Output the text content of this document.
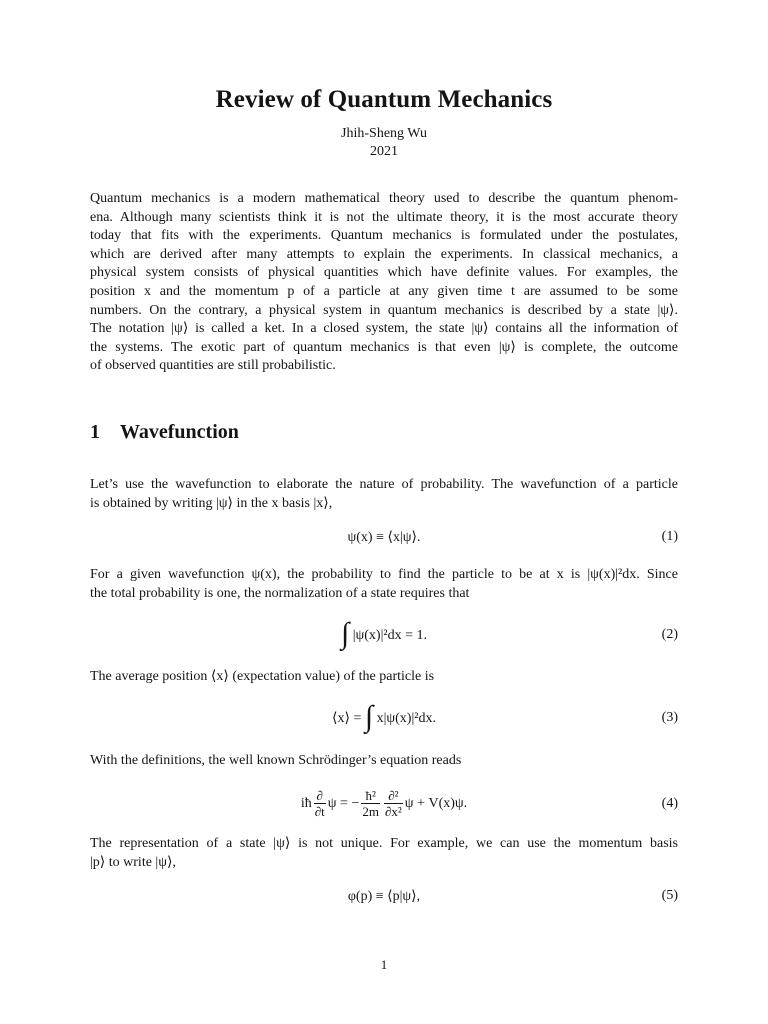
Review of Quantum Mechanics
Jhih-Sheng Wu
2021
Quantum mechanics is a modern mathematical theory used to describe the quantum phenom-
ena. Although many scientists think it is not the ultimate theory, it is the most accurate theory
today that fits with the experiments. Quantum mechanics is formulated under the postulates,
which are derived after many attempts to explain the experiments. In classical mechanics, a
physical system consists of physical quantities which have definite values. For examples, the
position x and the momentum p of a particle at any given time t are assumed to be some
numbers. On the contrary, a physical system in quantum mechanics is described by a state |ψ⟩.
The notation |ψ⟩ is called a ket. In a closed system, the state |ψ⟩ contains all the information of
the systems. The exotic part of quantum mechanics is that even |ψ⟩ is complete, the outcome
of observed quantities are still probabilistic.
1 Wavefunction
Let’s use the wavefunction to elaborate the nature of probability. The wavefunction of a particle
is obtained by writing |ψ⟩ in the x basis |x⟩,
ψ(x) ≡ ⟨x|ψ⟩.	(1)
For a given wavefunction ψ(x), the probability to find the particle to be at x is |ψ(x)|²dx. Since
the total probability is one, the normalization of a state requires that
∫ |ψ(x)|²dx = 1.	(2)
The average position ⟨x⟩ (expectation value) of the particle is
⟨x⟩ = ∫ x|ψ(x)|²dx.	(3)
With the definitions, the well known Schrödinger’s equation reads
iħ $\frac{\partial}{\partial t}$ ψ = − $\frac{\text{ħ²}}{2m} \frac{\text{∂²}}{\text{∂x²}}$ ψ + V(x)ψ.	(4)
The representation of a state |ψ⟩ is not unique. For example, we can use the momentum basis
|p⟩ to write |ψ⟩,
φ(p) ≡ ⟨p|ψ⟩,	(5)
1
